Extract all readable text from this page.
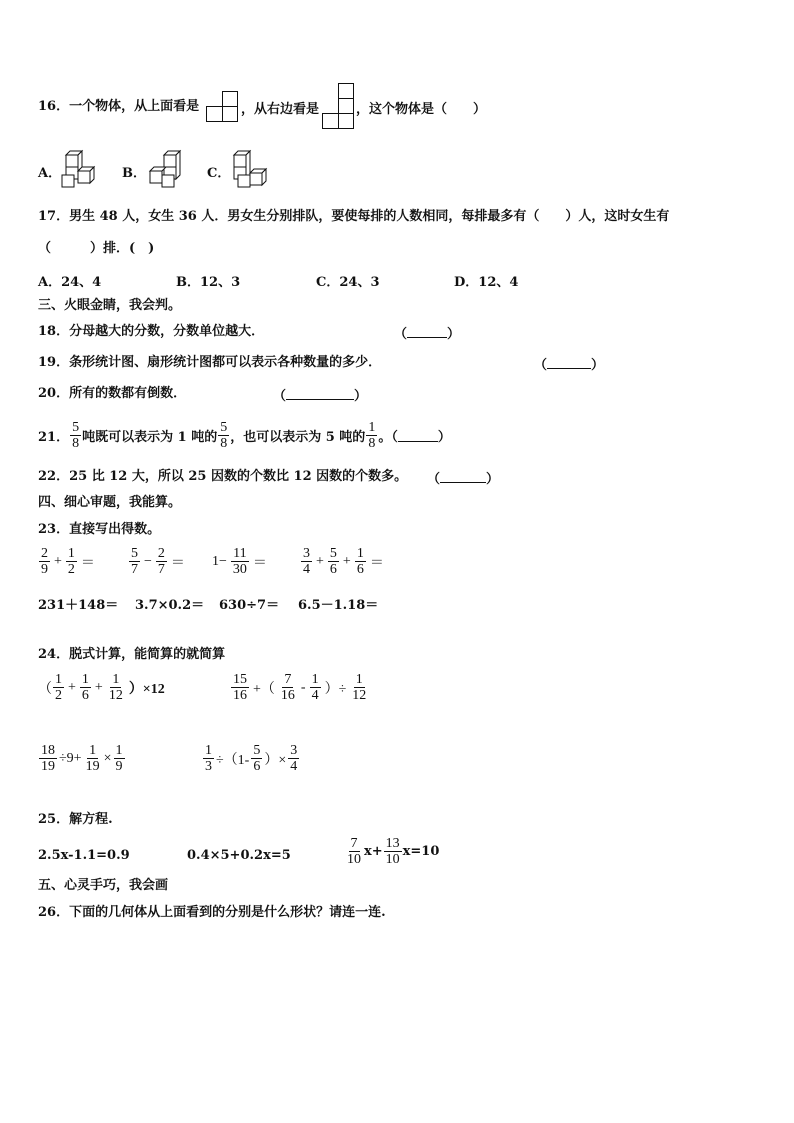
16．一个物体，从上面看是	，从右边看是	，这个物体是（　　）
A．	B．	C．
17．男生 48 人，女生 36 人．男女生分别排队，要使每排的人数相同，每排最多有（　　）人，这时女生有
（　　　）排．(　)
A．24、4	B．12、3	C．24、3	D．12、4
三、火眼金睛，我会判。
18．分母越大的分数，分数单位越大．	（	）
19．条形统计图、扇形统计图都可以表示各种数量的多少．	（	）
20．所有的数都有倒数．	（	）
21． $\frac{5}{8}$ 吨既可以表示为 1 吨的 $\frac{5}{8}$ ，也可以表示为 5 吨的 $\frac{1}{8}$ 。（	）
22．25 比 12 大，所以 25 因数的个数比 12 因数的个数多。 （	）
四、细心审题，我能算。
23．直接写出得数。
$\frac{2}{9} + \frac{1}{2} = \frac{5}{7} - \frac{2}{7} = 1- \frac{11}{30} = \frac{3}{4} + \frac{5}{6} + \frac{1}{6}$ ＝
231＋148＝ 3.7×0.2＝ 630÷7＝ 6.5－1.18＝
24．脱式计算，能简算的就简算
（ $\frac{1}{2} + \frac{1}{6} + \frac{1}{12} )\times 12$	$\frac{15}{16}$ +（ $\frac{7}{16} - \frac{1}{4}$ ）÷ $\frac{1}{12}$
$\frac{18}{19} \div 9+ \frac{1}{19} \times \frac{1}{9}$	$\frac{1}{3} \div(1- \frac{5}{6}$ ）× $\frac{3}{4}$
25．解方程.
2.5x-1.1=0.9	0.4×5+0.2x=5	$\frac{7}{10} x+ \frac{13}{10} x=10$
五、心灵手巧，我会画
26．下面的几何体从上面看到的分别是什么形状？请连一连.
